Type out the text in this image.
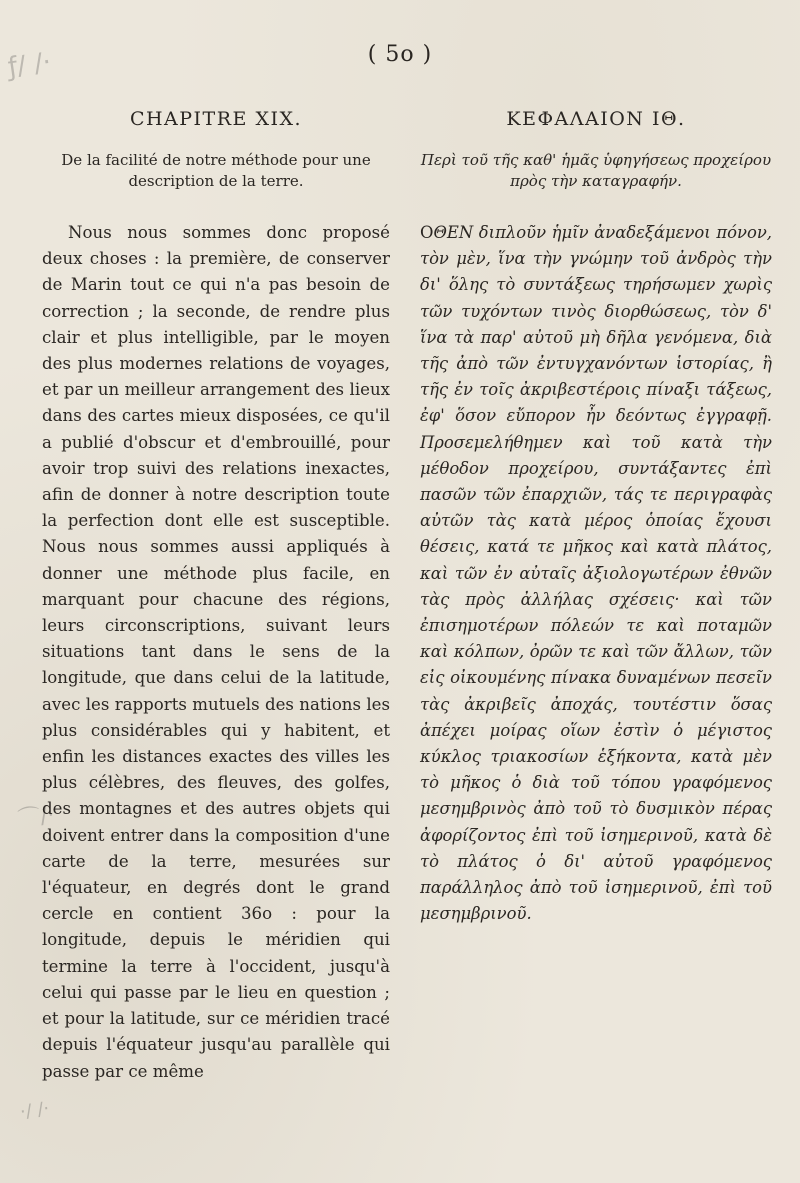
ƒ/ /·
⌒/·
·/ /·
( 5o )
CHAPITRE XIX.

De la facilité de notre méthode pour une description de la terre.

Nous nous sommes donc proposé deux choses : la première, de conserver de Marin tout ce qui n'a pas besoin de correction ; la seconde, de rendre plus clair et plus intelligible, par le moyen des plus modernes relations de voyages, et par un meilleur arrangement des lieux dans des cartes mieux disposées, ce qu'il a publié d'obscur et d'embrouillé, pour avoir trop suivi des relations inexactes, afin de donner à notre description toute la perfection dont elle est susceptible. Nous nous sommes aussi appliqués à donner une méthode plus facile, en marquant pour chacune des régions, leurs circonscriptions, suivant leurs situations tant dans le sens de la longitude, que dans celui de la latitude, avec les rapports mutuels des nations les plus considérables qui y habitent, et enfin les distances exactes des villes les plus célèbres, des fleuves, des golfes, des montagnes et des autres objets qui doivent entrer dans la composition d'une carte de la terre, mesurées sur l'équateur, en degrés dont le grand cercle en contient 36o : pour la longitude, depuis le méridien qui termine la terre à l'occident, jusqu'à celui qui passe par le lieu en question ; et pour la latitude, sur ce méridien tracé depuis l'équateur jusqu'au parallèle qui passe par ce même

ΚΕΦΑΛΑΙΟΝ ΙΘ.

Περὶ τοῦ τῆς καθ' ἡμᾶς ὑφηγήσεως προχείρου πρὸς τὴν καταγραφήν.

ΟΘΕΝ διπλοῦν ἡμῖν ἀναδεξάμενοι πόνον, τὸν μὲν, ἵνα τὴν γνώμην τοῦ ἀνδρὸς τὴν δι' ὅλης τὸ συντάξεως τηρήσωμεν χωρὶς τῶν τυχόντων τινὸς διορθώσεως, τὸν δ' ἵνα τὰ παρ' αὐτοῦ μὴ δῆλα γενόμενα, διὰ τῆς ἀπὸ τῶν ἐντυγχανόντων ἱστορίας, ἢ τῆς ἐν τοῖς ἀκριβεστέροις πίναξι τάξεως, ἐφ' ὅσον εὔπορον ἦν δεόντως ἐγγραφῇ. Προσεμελήθημεν καὶ τοῦ κατὰ τὴν μέθοδον προχείρου, συντάξαντες ἐπὶ πασῶν τῶν ἐπαρχιῶν, τάς τε περιγραφὰς αὐτῶν τὰς κατὰ μέρος ὁποίας ἔχουσι θέσεις, κατά τε μῆκος καὶ κατὰ πλάτος, καὶ τῶν ἐν αὐταῖς ἀξιολογωτέρων ἐθνῶν τὰς πρὸς ἀλλήλας σχέσεις· καὶ τῶν ἐπισημοτέρων πόλεών τε καὶ ποταμῶν καὶ κόλπων, ὀρῶν τε καὶ τῶν ἄλλων, τῶν εἰς οἰκουμένης πίνακα δυναμένων πεσεῖν τὰς ἀκριβεῖς ἀποχάς, τουτέστιν ὅσας ἀπέχει μοίρας οἵων ἐστὶν ὁ μέγιστος κύκλος τριακοσίων ἑξήκοντα, κατὰ μὲν τὸ μῆκος ὁ διὰ τοῦ τόπου γραφόμενος μεσημβρινὸς ἀπὸ τοῦ τὸ δυσμικὸν πέρας ἀφορίζοντος ἐπὶ τοῦ ἰσημερινοῦ, κατὰ δὲ τὸ πλάτος ὁ δι' αὐτοῦ γραφόμενος παράλληλος ἀπὸ τοῦ ἰσημερινοῦ, ἐπὶ τοῦ μεσημβρινοῦ.
